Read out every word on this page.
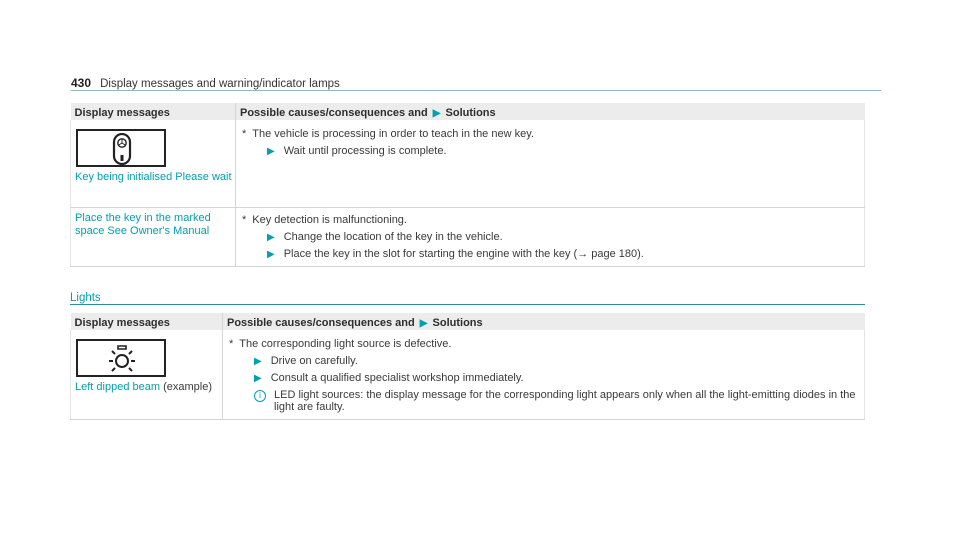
430 Display messages and warning/indicator lamps
Display messages	Possible causes/consequences and ▶ Solutions

Key being initialised Please wait	* The vehicle is processing in order to teach in the new key.
▶ Wait until processing is complete.

Place the key in the marked space See Owner's Manual	* Key detection is malfunctioning.
▶ Change the location of the key in the vehicle.
▶ Place the key in the slot for starting the engine with the key (→ page 180).
Lights
Display messages	Possible causes/consequences and ▶ Solutions

Left dipped beam (example)	* The corresponding light source is defective.
▶ Drive on carefully.
▶ Consult a qualified specialist workshop immediately.
i LED light sources: the display message for the corresponding light appears only when all the light-emitting diodes in the light are faulty.
